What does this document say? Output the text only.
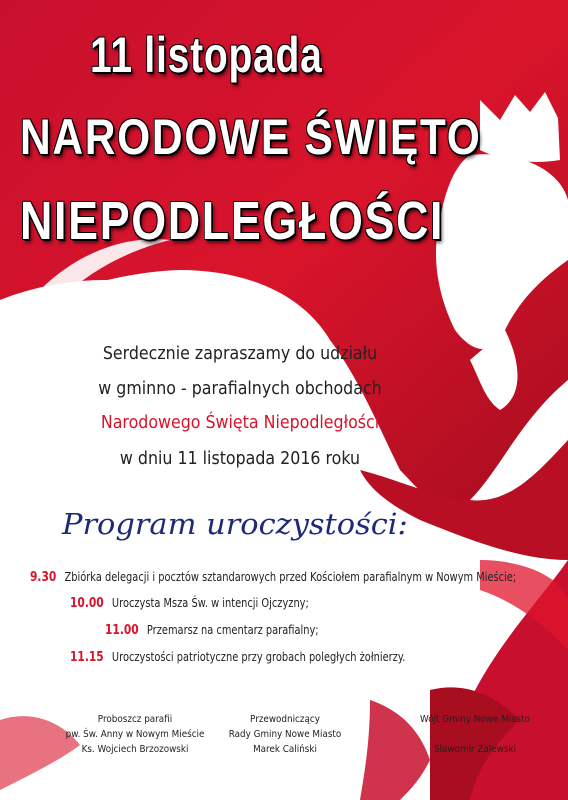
11 listopada
NARODOWE ŚWIĘTO
NIEPODLEGŁOŚCI
Serdecznie zapraszamy do udziału
w gminno - parafialnych obchodach
Narodowego Święta Niepodległości
w dniu 11 listopada 2016 roku
Program uroczystości:
9.30 Zbiórka delegacji i pocztów sztandarowych przed Kościołem parafialnym w Nowym Mieście;
10.00 Uroczysta Msza Św. w intencji Ojczyzny;
11.00 Przemarsz na cmentarz parafialny;
11.15 Uroczystości patriotyczne przy grobach poległych żołnierzy.
Proboszcz parafii
pw. Św. Anny w Nowym Mieście
Ks. Wojciech Brzozowski
Przewodniczący
Rady Gminy Nowe Miasto
Marek Caliński
Wójt Gminy Nowe Miasto

Sławomir Zalewski
